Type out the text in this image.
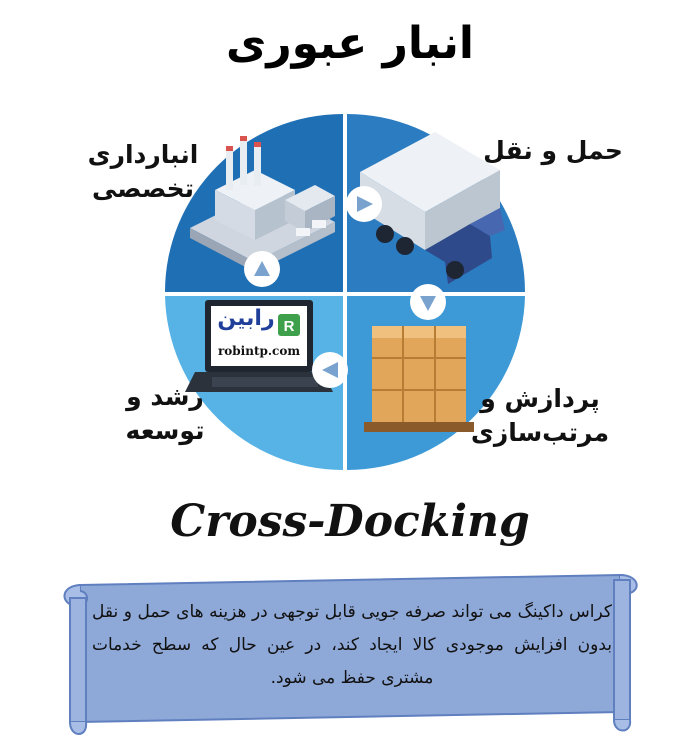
انبار عبوری
R
رابین
robintp.com
انبارداری تخصصی
حمل و نقل
پردازش و مرتب‌سازی
رشد و توسعه
Cross-Docking
کراس داکینگ می تواند صرفه جویی قابل توجهی در هزینه های حمل و نقل بدون افزایش موجودی کالا ایجاد کند، در عین حال که سطح خدمات مشتری حفظ می شود.
